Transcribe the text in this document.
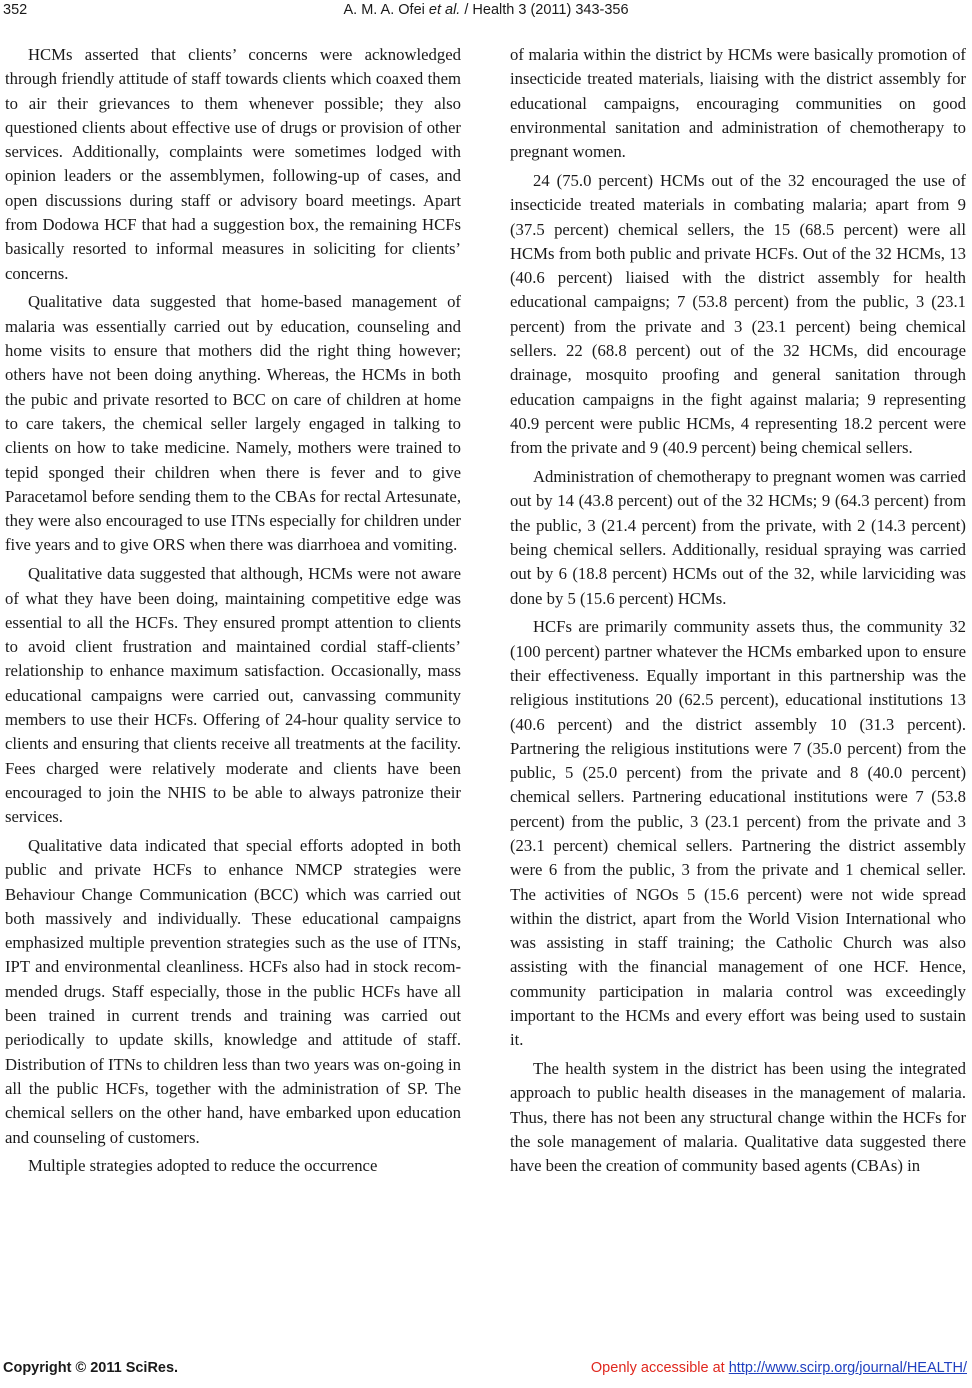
352	A. M. A. Ofei et al. / Health 3 (2011) 343-356

HCMs asserted that clients’ concerns were acknowledged through friendly attitude of staff towards clients which coaxed them to air their grievances to them whenever possible; they also questioned clients about effective use of drugs or provision of other services. Additionally, complaints were sometimes lodged with opinion leaders or the assemblymen, following-up of cases, and open discussions during staff or advisory board meetings. Apart from Dodowa HCF that had a suggestion box, the remaining HCFs basically resorted to informal measures in soliciting for clients’ concerns.

Qualitative data suggested that home-based management of malaria was essentially carried out by education, counseling and home visits to ensure that mothers did the right thing however; others have not been doing anything. Whereas, the HCMs in both the pubic and private resorted to BCC on care of children at home to care takers, the chemical seller largely engaged in talking to clients on how to take medicine. Namely, mothers were trained to tepid sponged their children when there is fever and to give Paracetamol before sending them to the CBAs for rectal Artesunate, they were also encouraged to use ITNs especially for children under five years and to give ORS when there was diarrhoea and vomiting.

Qualitative data suggested that although, HCMs were not aware of what they have been doing, maintaining competitive edge was essential to all the HCFs. They ensured prompt attention to clients to avoid client frustration and maintained cordial staff-clients’ relationship to enhance maximum satisfaction. Occasionally, mass educational campaigns were carried out, canvassing community members to use their HCFs. Offering of 24-hour quality service to clients and ensuring that clients receive all treatments at the facility. Fees charged were relatively moderate and clients have been encouraged to join the NHIS to be able to always patronize their services.

Qualitative data indicated that special efforts adopted in both public and private HCFs to enhance NMCP strategies were Behaviour Change Communication (BCC) which was carried out both massively and individually. These educational campaigns emphasized multiple prevention strategies such as the use of ITNs, IPT and environmental cleanliness. HCFs also had in stock recommended drugs. Staff especially, those in the public HCFs have all been trained in current trends and training was carried out periodically to update skills, knowledge and attitude of staff. Distribution of ITNs to children less than two years was on-going in all the public HCFs, together with the administration of SP. The chemical sellers on the other hand, have embarked upon education and counseling of customers.

Multiple strategies adopted to reduce the occurrence

of malaria within the district by HCMs were basically promotion of insecticide treated materials, liaising with the district assembly for educational campaigns, encouraging communities on good environmental sanitation and administration of chemotherapy to pregnant women.

24 (75.0 percent) HCMs out of the 32 encouraged the use of insecticide treated materials in combating malaria; apart from 9 (37.5 percent) chemical sellers, the 15 (68.5 percent) were all HCMs from both public and private HCFs. Out of the 32 HCMs, 13 (40.6 percent) liaised with the district assembly for health educational campaigns; 7 (53.8 percent) from the public, 3 (23.1 percent) from the private and 3 (23.1 percent) being chemical sellers. 22 (68.8 percent) out of the 32 HCMs, did encourage drainage, mosquito proofing and general sanitation through education campaigns in the fight against malaria; 9 representing 40.9 percent were public HCMs, 4 representing 18.2 percent were from the private and 9 (40.9 percent) being chemical sellers.

Administration of chemotherapy to pregnant women was carried out by 14 (43.8 percent) out of the 32 HCMs; 9 (64.3 percent) from the public, 3 (21.4 percent) from the private, with 2 (14.3 percent) being chemical sellers. Additionally, residual spraying was carried out by 6 (18.8 percent) HCMs out of the 32, while larviciding was done by 5 (15.6 percent) HCMs.

HCFs are primarily community assets thus, the community 32 (100 percent) partner whatever the HCMs embarked upon to ensure their effectiveness. Equally important in this partnership was the religious institutions 20 (62.5 percent), educational institutions 13 (40.6 percent) and the district assembly 10 (31.3 percent). Partnering the religious institutions were 7 (35.0 percent) from the public, 5 (25.0 percent) from the private and 8 (40.0 percent) chemical sellers. Partnering educational institutions were 7 (53.8 percent) from the public, 3 (23.1 percent) from the private and 3 (23.1 percent) chemical sellers. Partnering the district assembly were 6 from the public, 3 from the private and 1 chemical seller. The activities of NGOs 5 (15.6 percent) were not wide spread within the district, apart from the World Vision International who was assisting in staff training; the Catholic Church was also assisting with the financial management of one HCF. Hence, community participation in malaria control was exceedingly important to the HCMs and every effort was being used to sustain it.

The health system in the district has been using the integrated approach to public health diseases in the management of malaria. Thus, there has not been any structural change within the HCFs for the sole management of malaria. Qualitative data suggested there have been the creation of community based agents (CBAs) in

Copyright © 2011 SciRes.	Openly accessible at http://www.scirp.org/journal/HEALTH/
